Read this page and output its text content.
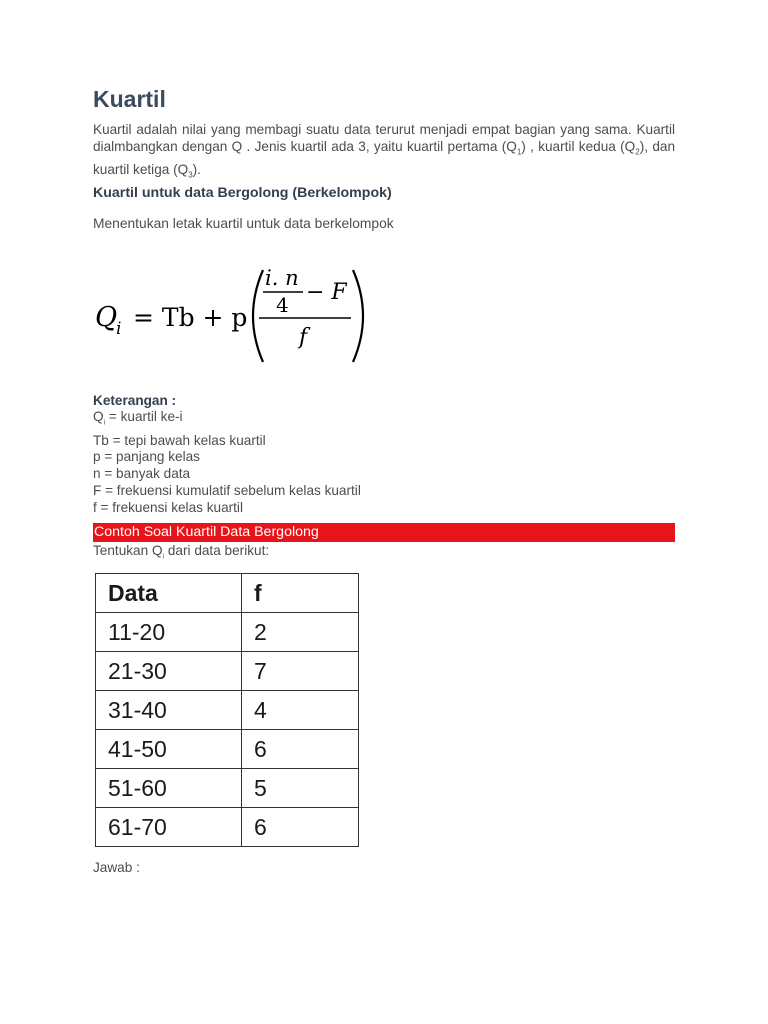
Kuartil

Kuartil adalah nilai yang membagi suatu data terurut menjadi empat bagian yang sama. Kuartil dialmbangkan dengan Q . Jenis kuartil ada 3, yaitu kuartil pertama $(Q_1)$ , kuartil kedua $(Q_2)$, dan kuartil ketiga $(Q_3)$.

Kuartil untuk data Bergolong (Berkelompok)

Menentukan letak kuartil untuk data berkelompok

Q
i = Tb + p
i. n
4 − F
f

Keterangan :

$Q_i$ = kuartil ke-i
Tb = tepi bawah kelas kuartil
p = panjang kelas
n = banyak data
F = frekuensi kumulatif sebelum kelas kuartil
f = frekuensi kelas kuartil
Contoh Soal Kuartil Data Bergolong

Tentukan $Q_i$ dari data berikut:

Data	f
11-20	2
21-30	7
31-40	4
41-50	6
51-60	5
61-70	6

Jawab :
